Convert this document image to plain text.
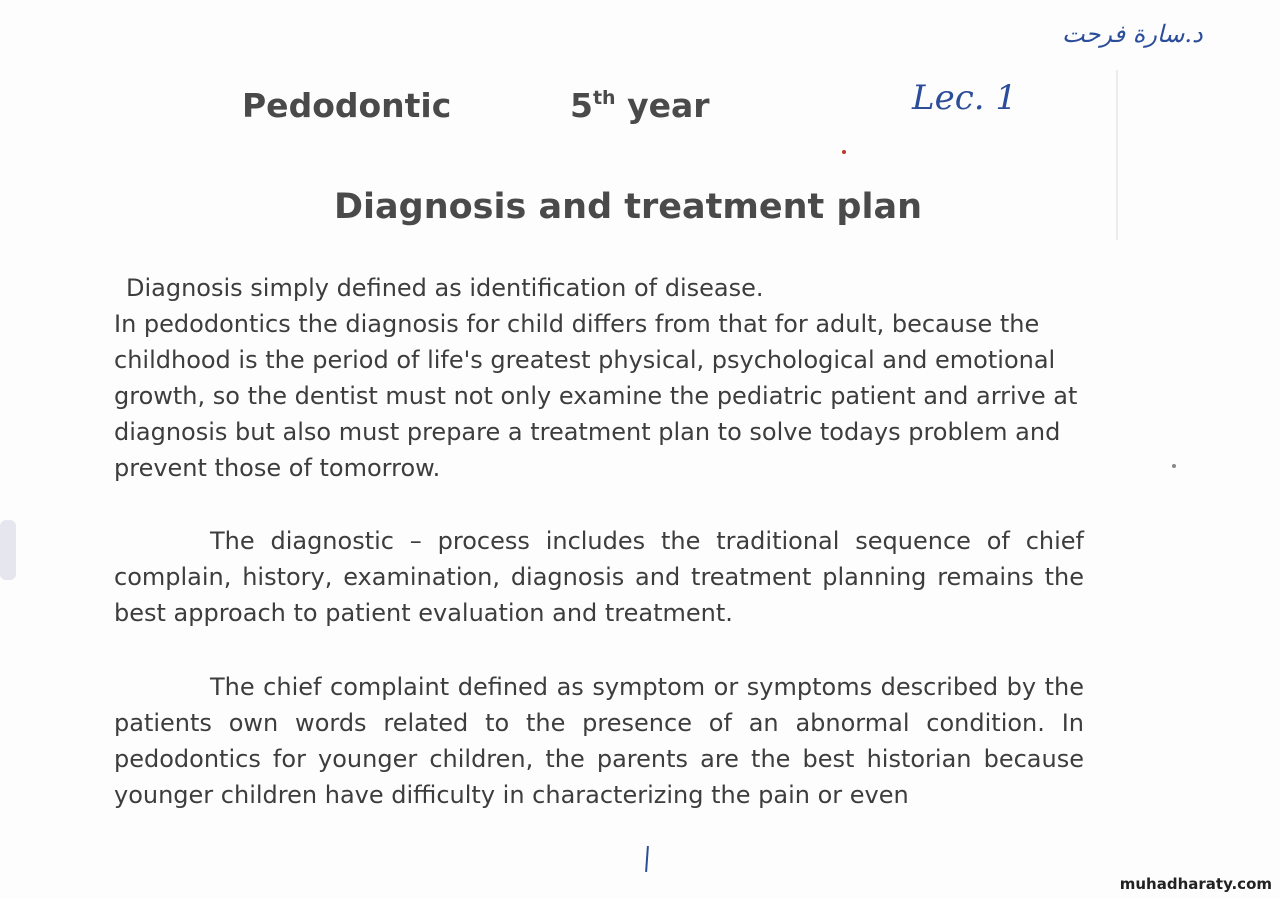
د.سارة فرحت
Lec. 1
Pedodontic	5th year
Diagnosis and treatment plan
Diagnosis simply defined as identification of disease.
In pedodontics the diagnosis for child differs from that for adult, because the childhood is the period of life's greatest physical, psychological and emotional growth, so the dentist must not only examine the pediatric patient and arrive at diagnosis but also must prepare a treatment plan to solve todays problem and prevent those of tomorrow.
The diagnostic – process includes the traditional sequence of chief complain, history, examination, diagnosis and treatment planning remains the best approach to patient evaluation and treatment.
The chief complaint defined as symptom or symptoms described by the patients own words related to the presence of an abnormal condition. In pedodontics for younger children, the parents are the best historian because younger children have difficulty in characterizing the pain or even
muhadharaty.com
